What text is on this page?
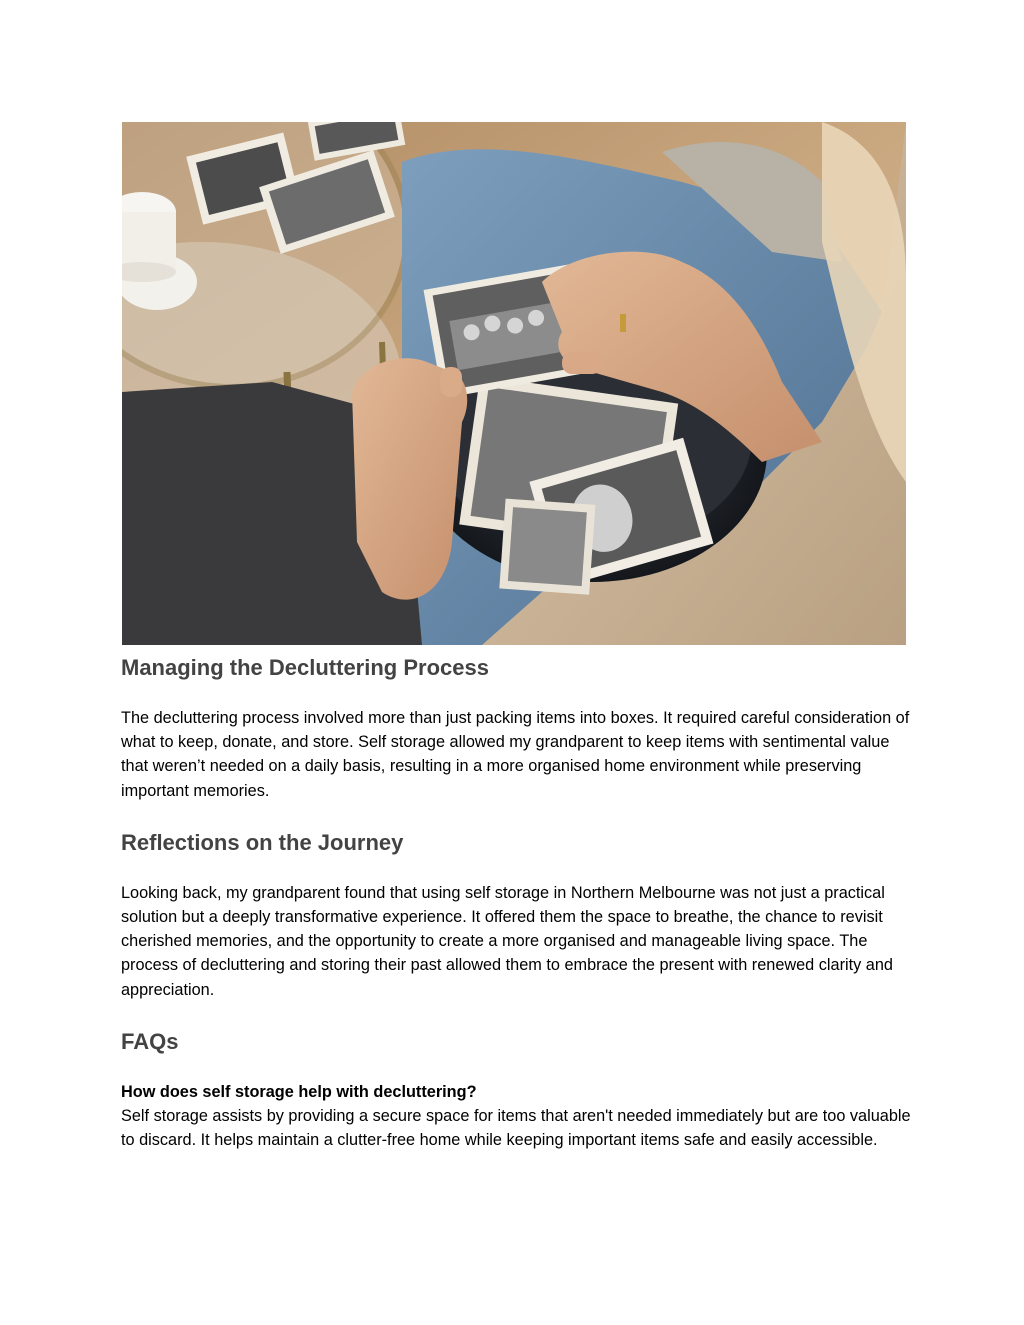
Managing the Decluttering Process

The decluttering process involved more than just packing items into boxes. It required careful consideration of what to keep, donate, and store. Self storage allowed my grandparent to keep items with sentimental value that weren’t needed on a daily basis, resulting in a more organised home environment while preserving important memories.

Reflections on the Journey

Looking back, my grandparent found that using self storage in Northern Melbourne was not just a practical solution but a deeply transformative experience. It offered them the space to breathe, the chance to revisit cherished memories, and the opportunity to create a more organised and manageable living space. The process of decluttering and storing their past allowed them to embrace the present with renewed clarity and appreciation.

FAQs

How does self storage help with decluttering?

Self storage assists by providing a secure space for items that aren't needed immediately but are too valuable to discard. It helps maintain a clutter-free home while keeping important items safe and easily accessible.
